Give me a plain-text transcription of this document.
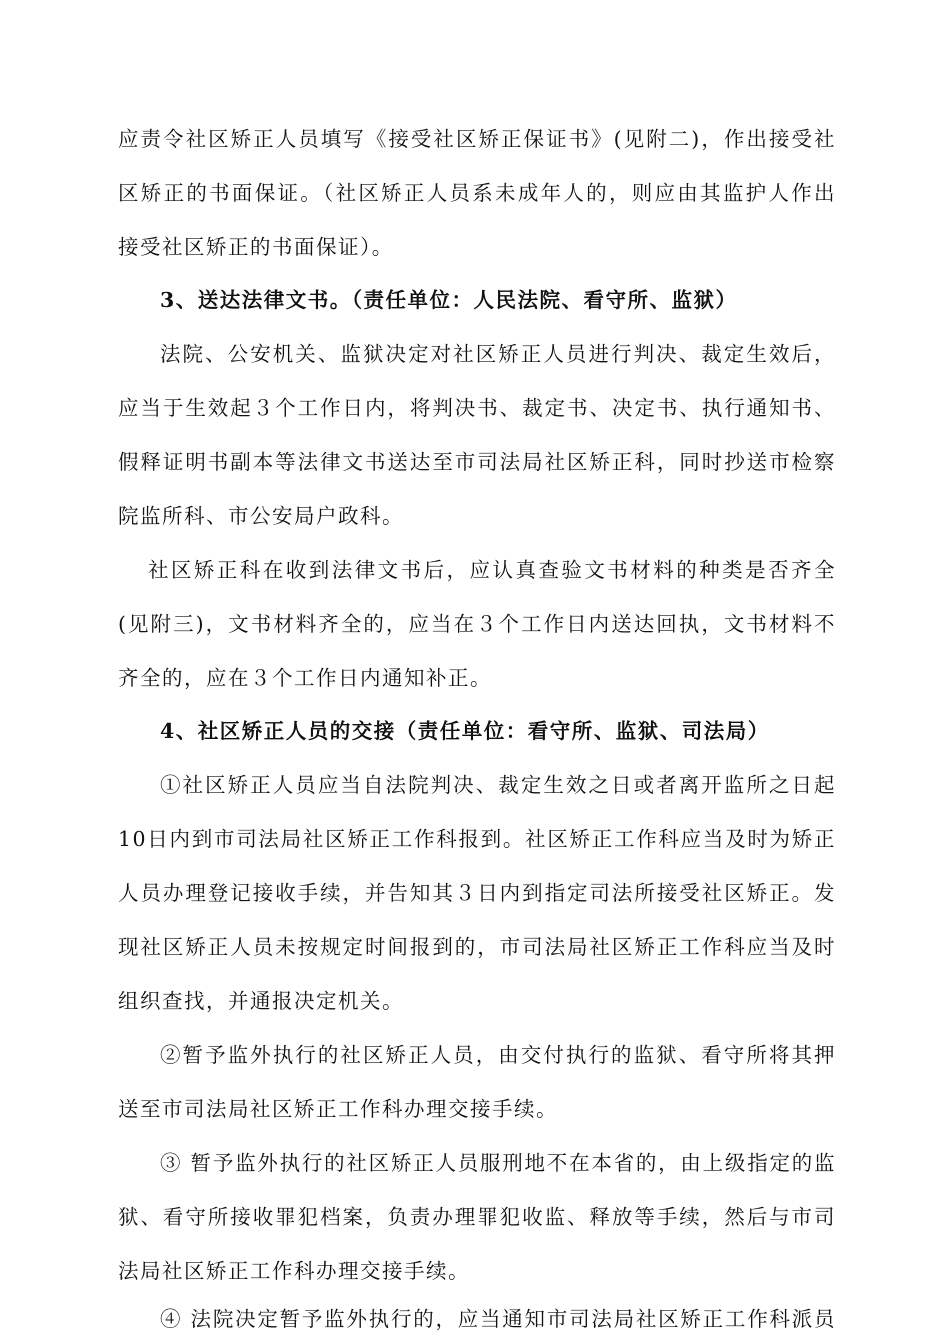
应责令社区矫正人员填写《接受社区矫正保证书》(见附二)，作出接受社
区矫正的书面保证。（社区矫正人员系未成年人的，则应由其监护人作出
接受社区矫正的书面保证）。
3、送达法律文书。（责任单位：人民法院、看守所、监狱）
法院、公安机关、监狱决定对社区矫正人员进行判决、裁定生效后，
应当于生效起３个工作日内，将判决书、裁定书、决定书、执行通知书、
假释证明书副本等法律文书送达至市司法局社区矫正科，同时抄送市检察
院监所科、市公安局户政科。
社区矫正科在收到法律文书后，应认真查验文书材料的种类是否齐全
(见附三)，文书材料齐全的，应当在３个工作日内送达回执，文书材料不
齐全的，应在３个工作日内通知补正。
4、社区矫正人员的交接（责任单位：看守所、监狱、司法局）
①社区矫正人员应当自法院判决、裁定生效之日或者离开监所之日起
10日内到市司法局社区矫正工作科报到。社区矫正工作科应当及时为矫正
人员办理登记接收手续，并告知其３日内到指定司法所接受社区矫正。发
现社区矫正人员未按规定时间报到的，市司法局社区矫正工作科应当及时
组织查找，并通报决定机关。
②暂予监外执行的社区矫正人员，由交付执行的监狱、看守所将其押
送至市司法局社区矫正工作科办理交接手续。
③ 暂予监外执行的社区矫正人员服刑地不在本省的，由上级指定的监
狱、看守所接收罪犯档案，负责办理罪犯收监、释放等手续，然后与市司
法局社区矫正工作科办理交接手续。
④ 法院决定暂予监外执行的，应当通知市司法局社区矫正工作科派员
